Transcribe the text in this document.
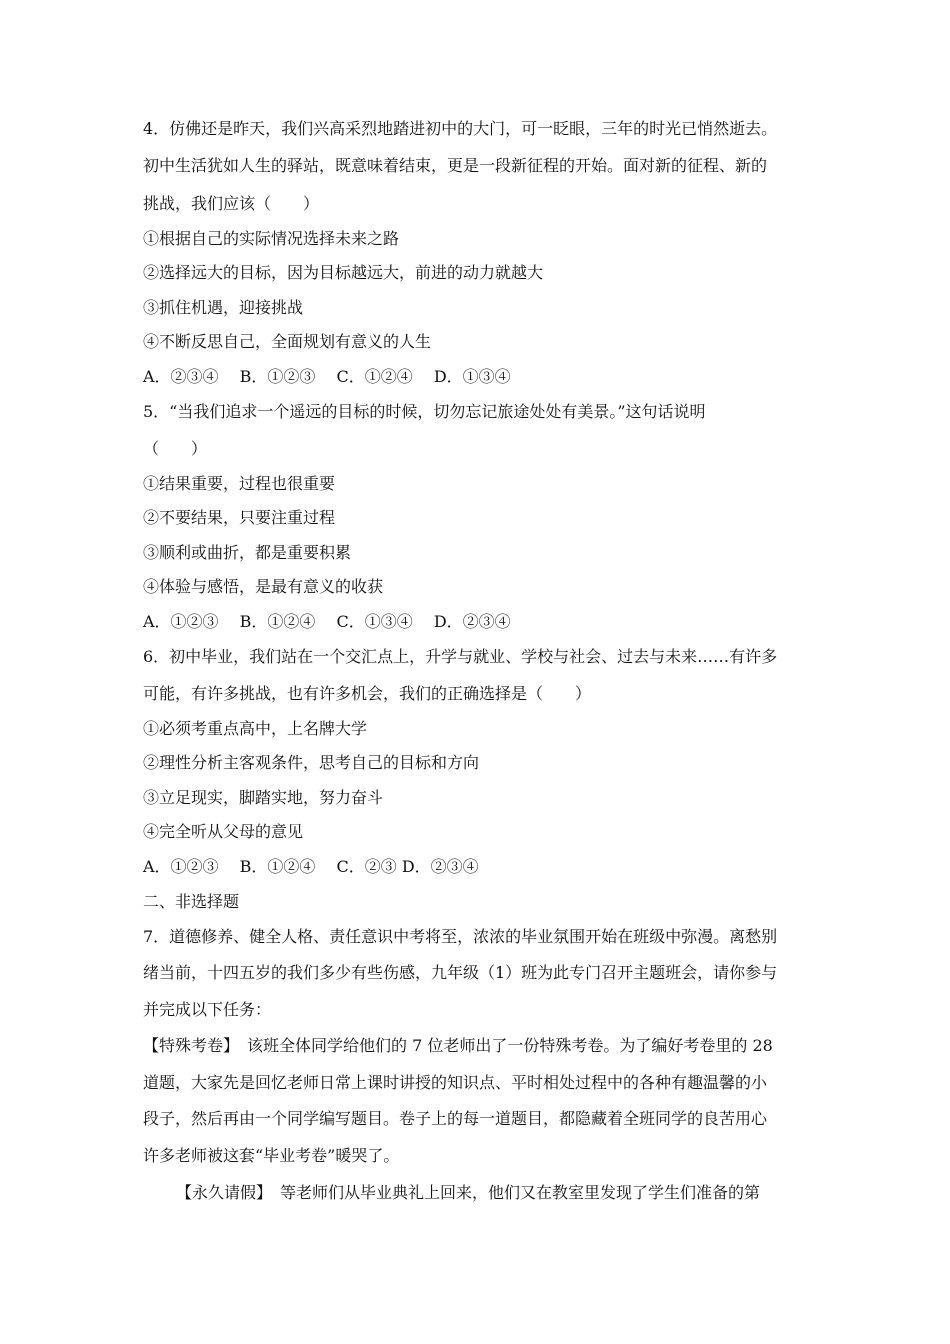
4．仿佛还是昨天，我们兴高采烈地踏进初中的大门，可一眨眼，三年的时光已悄然逝去。
初中生活犹如人生的驿站，既意味着结束，更是一段新征程的开始。面对新的征程、新的
挑战，我们应该（　　）
①根据自己的实际情况选择未来之路
②选择远大的目标，因为目标越远大，前进的动力就越大
③抓住机遇，迎接挑战
④不断反思自己，全面规划有意义的人生
A．②③④　 B．①②③　 C．①②④　 D．①③④
5．“当我们追求一个遥远的目标的时候，切勿忘记旅途处处有美景。”这句话说明
（　　）
①结果重要，过程也很重要
②不要结果，只要注重过程
③顺利或曲折，都是重要积累
④体验与感悟，是最有意义的收获
A．①②③　 B．①②④　 C．①③④　 D．②③④
6．初中毕业，我们站在一个交汇点上，升学与就业、学校与社会、过去与未来……有许多
可能，有许多挑战，也有许多机会，我们的正确选择是（　　）
①必须考重点高中，上名牌大学
②理性分析主客观条件，思考自己的目标和方向
③立足现实，脚踏实地，努力奋斗
④完全听从父母的意见
A．①②③　 B．①②④　 C．②③ D．②③④
二、非选择题
7．道德修养、健全人格、责任意识中考将至，浓浓的毕业氛围开始在班级中弥漫。离愁别
绪当前，十四五岁的我们多少有些伤感，九年级（1）班为此专门召开主题班会，请你参与
并完成以下任务：
【特殊考卷】　该班全体同学给他们的 7 位老师出了一份特殊考卷。为了编好考卷里的 28
道题，大家先是回忆老师日常上课时讲授的知识点、平时相处过程中的各种有趣温馨的小
段子，然后再由一个同学编写题目。卷子上的每一道题目，都隐藏着全班同学的良苦用心
许多老师被这套“毕业考卷”暖哭了。
【永久请假】　等老师们从毕业典礼上回来，他们又在教室里发现了学生们准备的第
